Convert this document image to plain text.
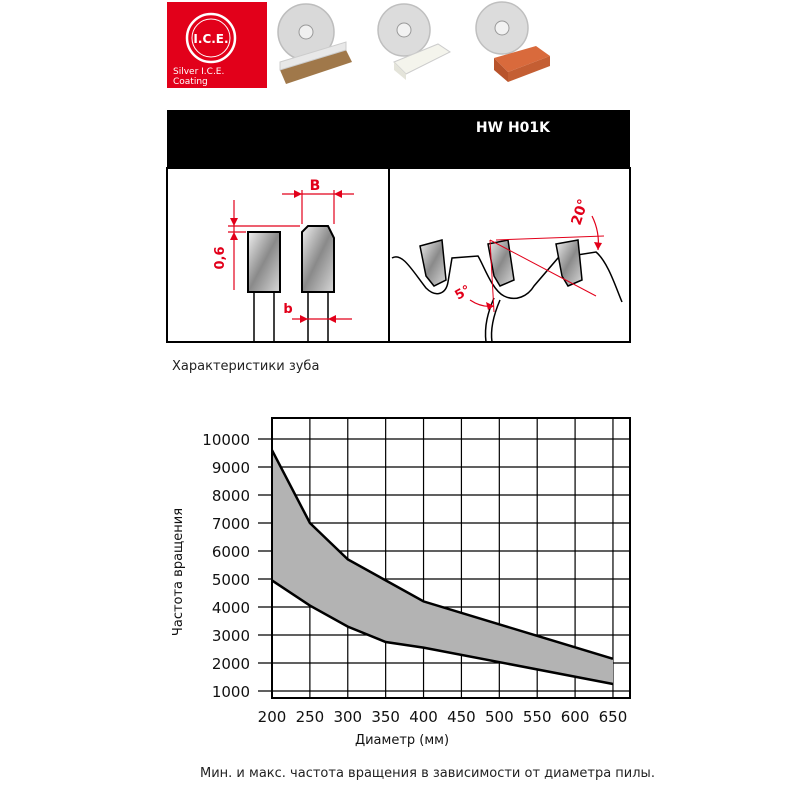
I.C.E.
Silver I.C.E.
Coating
HW H01K
B
0,6
b
5°
20°
Характеристики зуба
1000
2000
3000
4000
5000
6000
7000
8000
9000
10000
200 250 300 350 400 450 500 550 600 650
Частота вращения
Диаметр (мм)
Мин. и макс. частота вращения в зависимости от диаметра пилы.
